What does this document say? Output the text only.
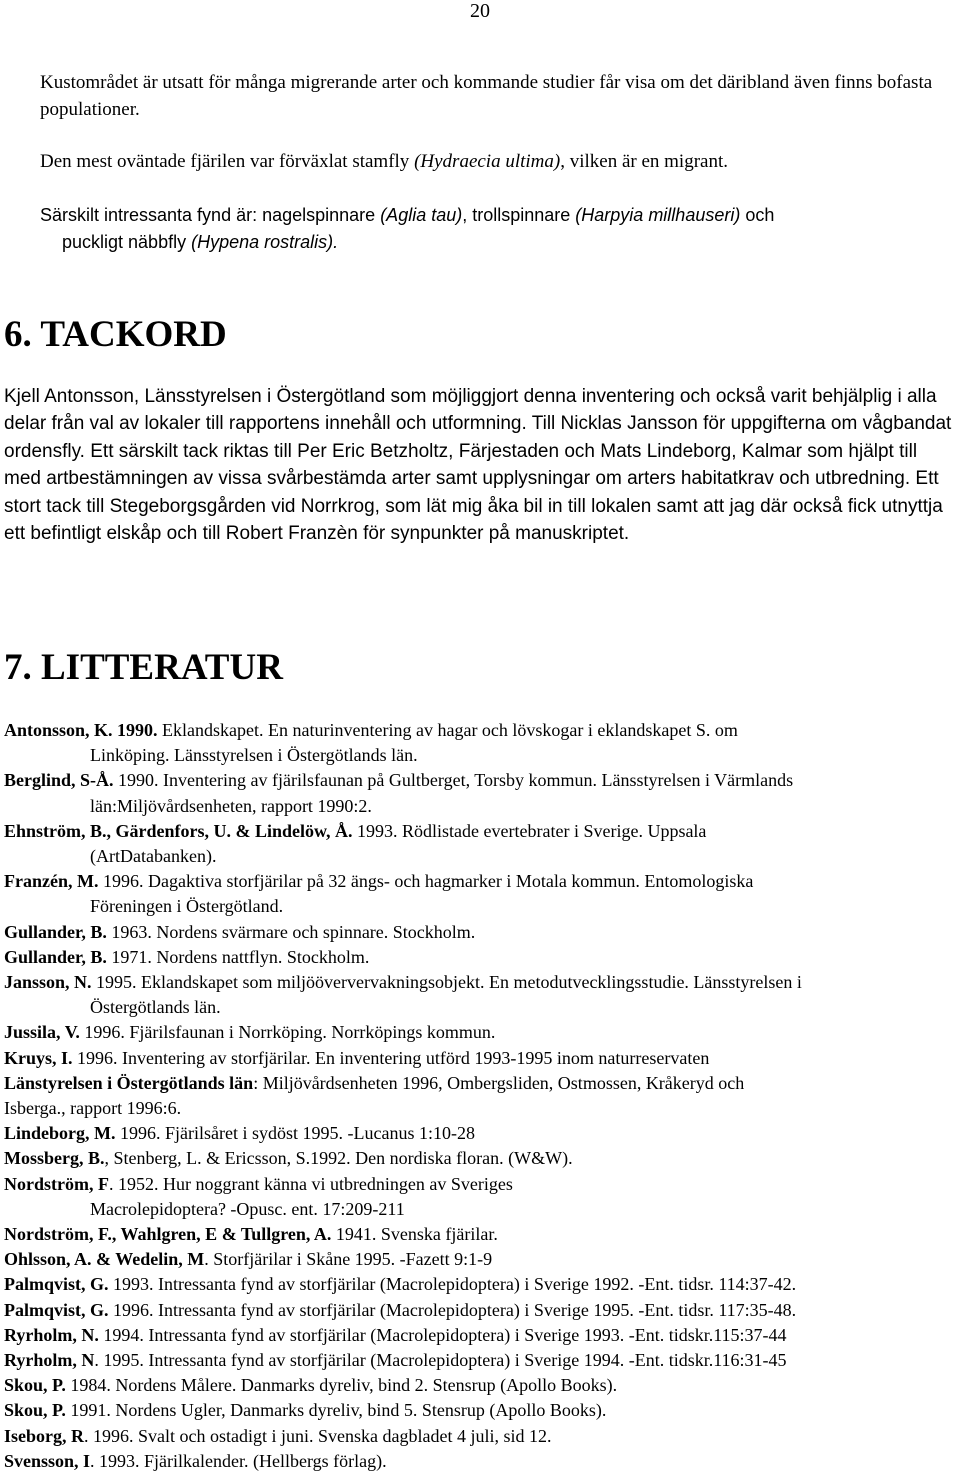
20

Kustområdet är utsatt för många migrerande arter och kommande studier får visa om det däribland även finns bofasta populationer.

Den mest oväntade fjärilen var förväxlat stamfly (Hydraecia ultima), vilken är en migrant.

Särskilt intressanta fynd är: nagelspinnare (Aglia tau), trollspinnare (Harpyia millhauseri) och
puckligt näbbfly (Hypena rostralis).

6. TACKORD

Kjell Antonsson, Länsstyrelsen i Östergötland som möjliggjort denna inventering och också varit behjälplig i alla delar från val av lokaler till rapportens innehåll och utformning. Till Nicklas Jansson för uppgifterna om vågbandat ordensfly. Ett särskilt tack riktas till Per Eric Betzholtz, Färjestaden och Mats Lindeborg, Kalmar som hjälpt till med artbestämningen av vissa svårbestämda arter samt upplysningar om arters habitatkrav och utbredning. Ett stort tack till Stegeborgsgården vid Norrkrog, som lät mig åka bil in till lokalen samt att jag där också fick utnyttja ett befintligt elskåp och till Robert Franzèn för synpunkter på manuskriptet.

7. LITTERATUR
Antonsson, K. 1990. Eklandskapet. En naturinventering av hagar och lövskogar i eklandskapet S. om
Linköping. Länsstyrelsen i Östergötlands län.
Berglind, S-Å. 1990. Inventering av fjärilsfaunan på Gultberget, Torsby kommun. Länsstyrelsen i Värmlands
län:Miljövårdsenheten, rapport 1990:2.
Ehnström, B., Gärdenfors, U. & Lindelöw, Å. 1993. Rödlistade evertebrater i Sverige. Uppsala
(ArtDatabanken).
Franzén, M. 1996. Dagaktiva storfjärilar på 32 ängs- och hagmarker i Motala kommun. Entomologiska
Föreningen i Östergötland.
Gullander, B. 1963. Nordens svärmare och spinnare. Stockholm.
Gullander, B. 1971. Nordens nattflyn. Stockholm.
Jansson, N. 1995. Eklandskapet som miljööververvakningsobjekt. En metodutvecklingsstudie. Länsstyrelsen i
Östergötlands län.
Jussila, V. 1996. Fjärilsfaunan i Norrköping. Norrköpings kommun.
Kruys, I. 1996. Inventering av storfjärilar. En inventering utförd 1993-1995 inom naturreservaten
Länstyrelsen i Östergötlands län: Miljövårdsenheten 1996, Ombergsliden, Ostmossen, Kråkeryd och
Isberga., rapport 1996:6.
Lindeborg, M. 1996. Fjärilsåret i sydöst 1995. -Lucanus 1:10-28
Mossberg, B., Stenberg, L. & Ericsson, S.1992. Den nordiska floran. (W&W).
Nordström, F. 1952. Hur noggrant känna vi utbredningen av Sveriges
Macrolepidoptera? -Opusc. ent. 17:209-211
Nordström, F., Wahlgren, E & Tullgren, A. 1941. Svenska fjärilar.
Ohlsson, A. & Wedelin, M. Storfjärilar i Skåne 1995. -Fazett 9:1-9
Palmqvist, G. 1993. Intressanta fynd av storfjärilar (Macrolepidoptera) i Sverige 1992. -Ent. tidsr. 114:37-42.
Palmqvist, G. 1996. Intressanta fynd av storfjärilar (Macrolepidoptera) i Sverige 1995. -Ent. tidsr. 117:35-48.
Ryrholm, N. 1994. Intressanta fynd av storfjärilar (Macrolepidoptera) i Sverige 1993. -Ent. tidskr.115:37-44
Ryrholm, N. 1995. Intressanta fynd av storfjärilar (Macrolepidoptera) i Sverige 1994. -Ent. tidskr.116:31-45
Skou, P. 1984. Nordens Målere. Danmarks dyreliv, bind 2. Stensrup (Apollo Books).
Skou, P. 1991. Nordens Ugler, Danmarks dyreliv, bind 5. Stensrup (Apollo Books).
Iseborg, R. 1996. Svalt och ostadigt i juni. Svenska dagbladet 4 juli, sid 12.
Svensson, I. 1993. Fjärilkalender. (Hellbergs förlag).
